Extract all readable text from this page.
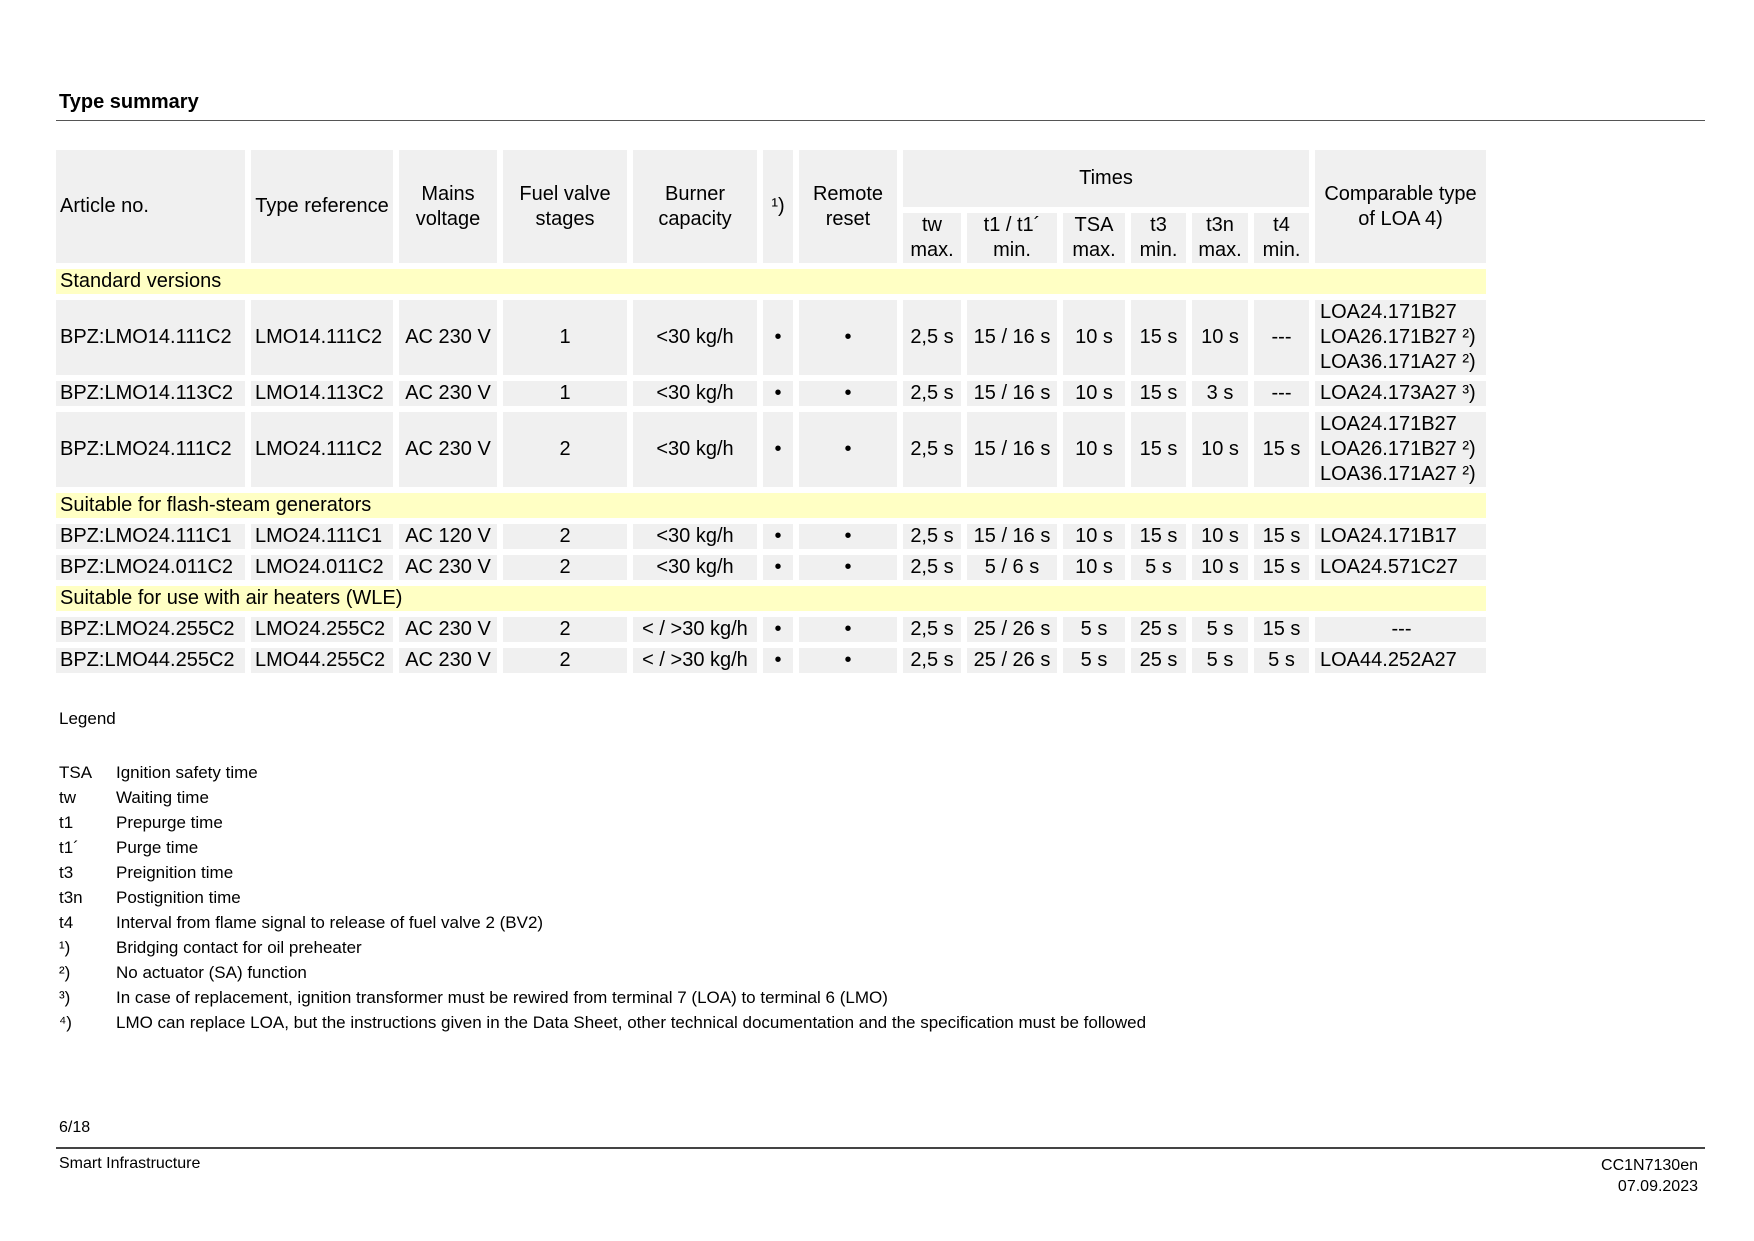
Type summary
Article no.	Type reference	Mains voltage	Fuel valve stages	Burner capacity	¹)	Remote reset	Times						Comparable type of LOA 4)
							tw max.	t1 / t1´ min.	TSA max.	t3 min.	t3n max.	t4 min.	
Standard versions													
BPZ:LMO14.111C2	LMO14.111C2	AC 230 V	1	<30 kg/h	•	•	2,5 s	15 / 16 s	10 s	15 s	10 s	---	LOA24.171B27
LOA26.171B27 ²)
LOA36.171A27 ²)

BPZ:LMO14.113C2	LMO14.113C2	AC 230 V	1	<30 kg/h	•	•	2,5 s	15 / 16 s	10 s	15 s	3 s	---	LOA24.173A27 ³)

BPZ:LMO24.111C2	LMO24.111C2	AC 230 V	2	<30 kg/h	•	•	2,5 s	15 / 16 s	10 s	15 s	10 s	15 s	LOA24.171B27
LOA26.171B27 ²)
LOA36.171A27 ²)

Suitable for flash-steam generators													
BPZ:LMO24.111C1	LMO24.111C1	AC 120 V	2	<30 kg/h	•	•	2,5 s	15 / 16 s	10 s	15 s	10 s	15 s	LOA24.171B17

BPZ:LMO24.011C2	LMO24.011C2	AC 230 V	2	<30 kg/h	•	•	2,5 s	5 / 6 s	10 s	5 s	10 s	15 s	LOA24.571C27

Suitable for use with air heaters (WLE)													
BPZ:LMO24.255C2	LMO24.255C2	AC 230 V	2	< / >30 kg/h	•	•	2,5 s	25 / 26 s	5 s	25 s	5 s	15 s	---

BPZ:LMO44.255C2	LMO44.255C2	AC 230 V	2	< / >30 kg/h	•	•	2,5 s	25 / 26 s	5 s	25 s	5 s	5 s	LOA44.252A27
Legend
TSA	Ignition safety time
tw	Waiting time
t1	Prepurge time
t1´	Purge time
t3	Preignition time
t3n	Postignition time
t4	Interval from flame signal to release of fuel valve 2 (BV2)
¹)	Bridging contact for oil preheater
²)	No actuator (SA) function
³)	In case of replacement, ignition transformer must be rewired from terminal 7 (LOA) to terminal 6 (LMO)
⁴)	LMO can replace LOA, but the instructions given in the Data Sheet, other technical documentation and the specification must be followed
6/18
Smart Infrastructure	CC1N7130en
07.09.2023
